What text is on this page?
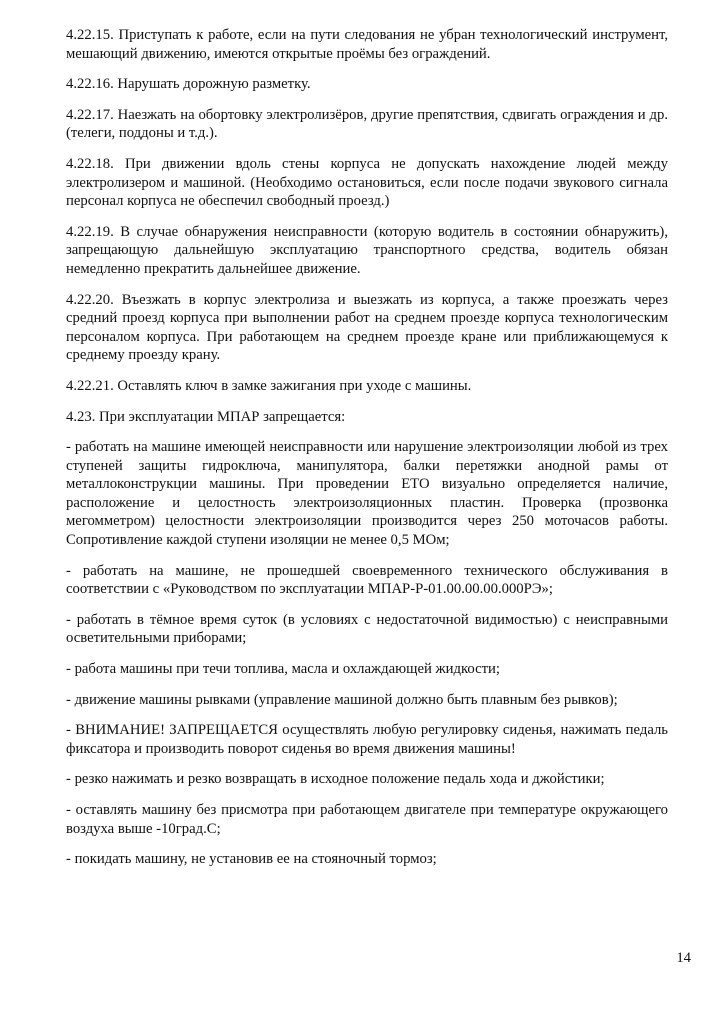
4.22.15. Приступать к работе, если на пути следования не убран технологический инструмент, мешающий движению, имеются открытые проёмы без ограждений.

4.22.16. Нарушать дорожную разметку.

4.22.17. Наезжать на обортовку электролизёров, другие препятствия, сдвигать ограждения и др. (телеги, поддоны и т.д.).

4.22.18. При движении вдоль стены корпуса не допускать нахождение людей между электролизером и машиной. (Необходимо остановиться, если после подачи звукового сигнала персонал корпуса не обеспечил свободный проезд.)

4.22.19. В случае обнаружения неисправности (которую водитель в состоянии обнаружить), запрещающую дальнейшую эксплуатацию транспортного средства, водитель обязан немедленно прекратить дальнейшее движение.

4.22.20. Въезжать в корпус электролиза и выезжать из корпуса, а также проезжать через средний проезд корпуса при выполнении работ на среднем проезде корпуса технологическим персоналом корпуса. При работающем на среднем проезде кране или приближающемуся к среднему проезду крану.

4.22.21. Оставлять ключ в замке зажигания при уходе с машины.

4.23. При эксплуатации МПАР запрещается:

- работать на машине имеющей неисправности или нарушение электроизоляции любой из трех ступеней защиты гидроключа, манипулятора, балки перетяжки анодной рамы от металлоконструкции машины. При проведении ЕТО визуально определяется наличие, расположение и целостность электроизоляционных пластин. Проверка (прозвонка мегомметром) целостности электроизоляции производится через 250 моточасов работы. Сопротивление каждой ступени изоляции не менее 0,5 МОм;

- работать на машине, не прошедшей своевременного технического обслуживания в соответствии с «Руководством по эксплуатации МПАР-Р-01.00.00.00.000РЭ»;

- работать в тёмное время суток (в условиях с недостаточной видимостью) с неисправными осветительными приборами;

- работа машины при течи топлива, масла и охлаждающей жидкости;

- движение машины рывками (управление машиной должно быть плавным без рывков);

- ВНИМАНИЕ! ЗАПРЕЩАЕТСЯ осуществлять любую регулировку сиденья, нажимать педаль фиксатора и производить поворот сиденья во время движения машины!

- резко нажимать и резко возвращать в исходное положение педаль хода и джойстики;

- оставлять машину без присмотра при работающем двигателе при температуре окружающего воздуха выше -10град.С;

- покидать машину, не установив ее на стояночный тормоз;

14
